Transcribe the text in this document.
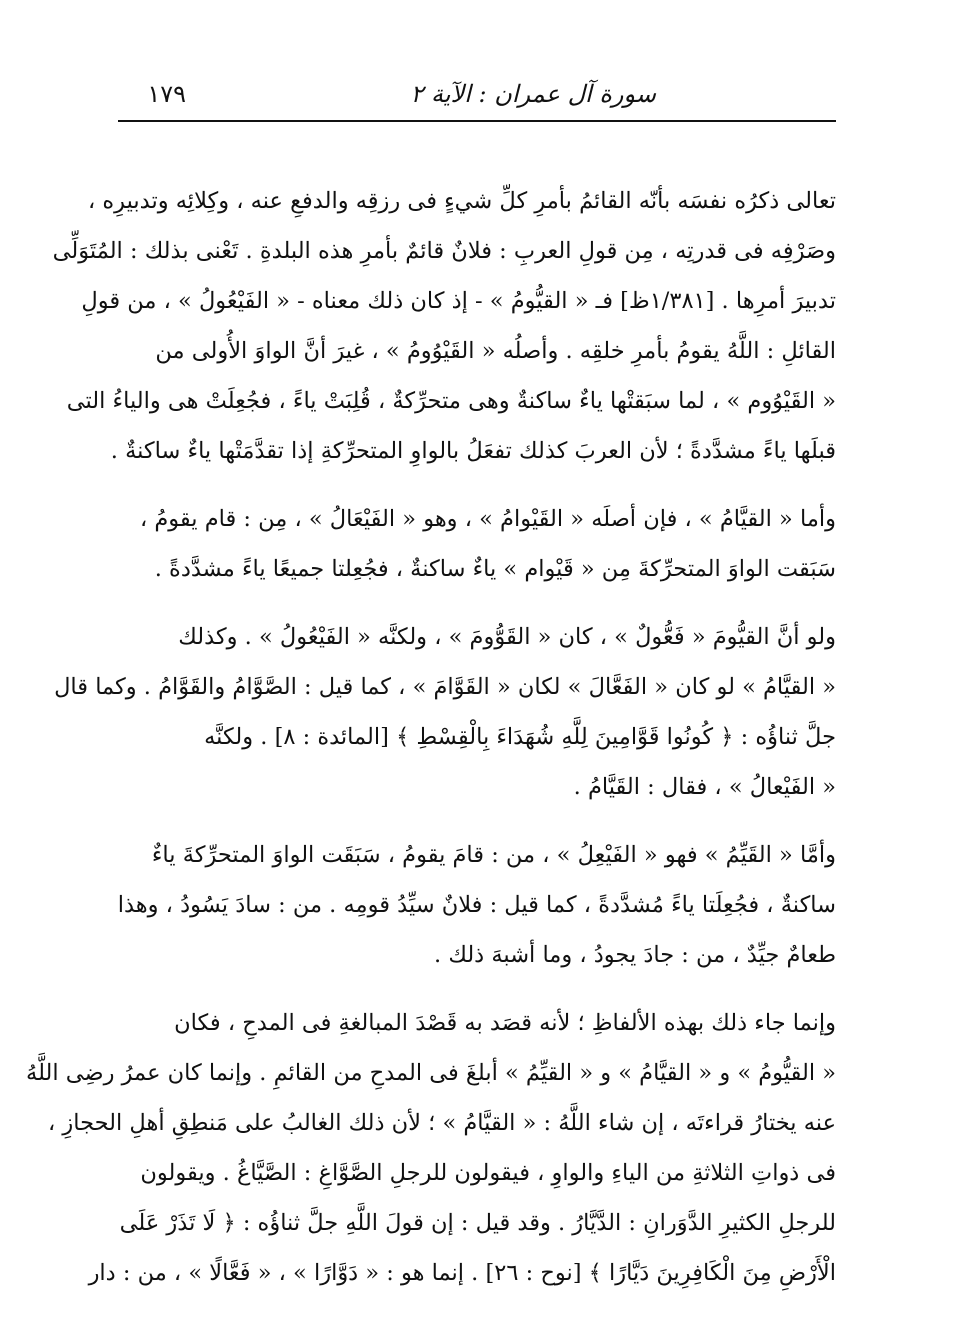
سورة آل عمران : الآية ٢
١٧٩

تعالى ذكرُه نفسَه بأنّه القائمُ بأمرِ كلِّ شيءٍ فى رزقِه والدفعِ عنه ، وكِلائِه وتدبيرِه ،
وصَرْفِه فى قدرتِه ، مِن قولِ العربِ : فلانٌ قائمٌ بأمرِ هذه البلدةِ . تَعْنى بذلك : المُتَوَلِّى
تدبيرَ أمرِها . [١/٣٨١ظ] فـ « القيُّومُ » - إذ كان ذلك معناه - « الفَيْعُولُ » ، من قولِ
القائلِ : اللَّهُ يقومُ بأمرِ خلقِه . وأصلُه « القَيْوُومُ » ، غيرَ أنَّ الواوَ الأُولى من
« القَيْوُوم » ، لما سبَقتْها ياءٌ ساكنةٌ وهى متحرِّكةٌ ، قُلِبَتْ ياءً ، فجُعِلَتْ هى والياءُ التى
قبلَها ياءً مشدَّدةً ؛ لأن العربَ كذلك تفعَلُ بالواوِ المتحرِّكةِ إذا تقدَّمَتْها ياءٌ ساكنةٌ .

وأما « القيَّامُ » ، فإن أصلَه « القَيْوامُ » ، وهو « الفَيْعَالُ » ، مِن : قام يقومُ ،
سَبَقت الواوَ المتحرِّكةَ مِن « قَيْوام » ياءٌ ساكنةٌ ، فجُعِلتا جميعًا ياءً مشدَّدةً .

ولو أنَّ القيُّومَ « فَعُّولٌ » ، كان « القَوُّومَ » ، ولكنَّه « الفَيْعُولُ » . وكذلك
« القيَّامُ » لو كان « الفَعَّالَ » لكان « القَوَّامَ » ، كما قيل : الصَّوَّامُ والقَوَّامُ . وكما قال
جلَّ ثناؤُه : ﴿ كُونُوا قَوَّامِينَ لِلَّهِ شُهَدَاءَ بِالْقِسْطِ ﴾ [المائدة : ٨] . ولكنَّه
« الفَيْعالُ » ، فقال : القَيَّامُ .

وأمَّا « القَيِّمُ » فهو « الفَيْعِلُ » ، من : قامَ يقومُ ، سَبَقَت الواوَ المتحرِّكةَ ياءٌ
ساكنةٌ ، فجُعِلَتا ياءً مُشدَّدةً ، كما قيل : فلانٌ سيِّدُ قومِه . من : سادَ يَسُودُ ، وهذا
طعامٌ جيِّدٌ ، من : جادَ يجودُ ، وما أشبهَ ذلك .

وإنما جاء ذلك بهذه الألفاظِ ؛ لأنه قصَد به قَصْدَ المبالغةِ فى المدحِ ، فكان
« القيُّومُ » و « القيَّامُ » و « القيِّمُ » أبلغَ فى المدحِ من القائمِ . وإنما كان عمرُ رضِى اللَّهُ
عنه يختارُ قراءتَه ، إن شاء اللَّهُ : « القيَّامُ » ؛ لأن ذلك الغالبُ على مَنطِقِ أهلِ الحجازِ ،
فى ذواتِ الثلاثةِ من الياءِ والواوِ ، فيقولون للرجلِ الصَّوَّاغِ : الصَّيَّاغُ . ويقولون
للرجلِ الكثيرِ الدَّوَرانِ : الدَّيَّارُ . وقد قيل : إن قولَ اللَّهِ جلَّ ثناؤُه : ﴿ لَا تَذَرْ عَلَى
الْأَرْضِ مِنَ الْكَافِرِينَ دَيَّارًا ﴾ [نوح : ٢٦] . إنما هو : « دَوَّارًا » ، « فَعَّالًا » ، من : دار
